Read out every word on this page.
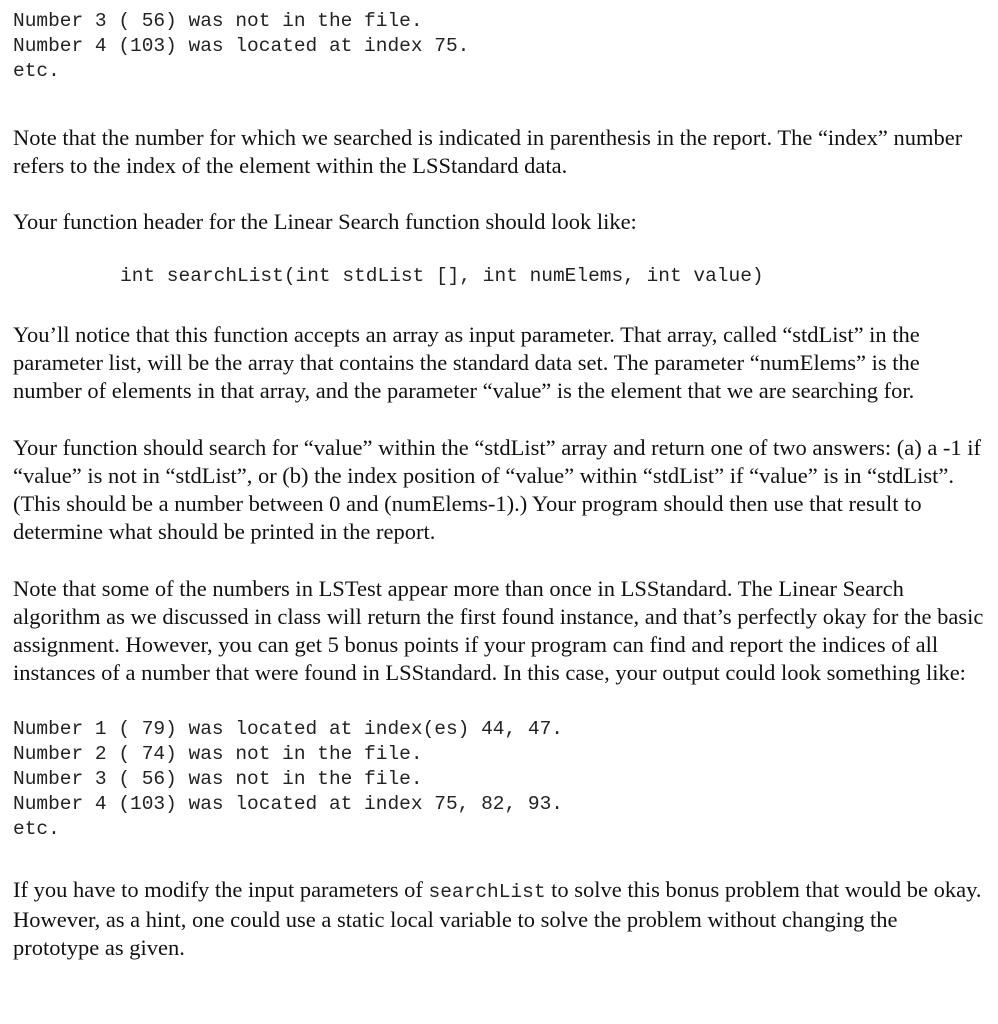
Number 3 ( 56) was not in the file.
Number 4 (103) was located at index 75.
etc.

Note that the number for which we searched is indicated in parenthesis in the report. The “index” number refers to the index of the element within the LSStandard data.

Your function header for the Linear Search function should look like:

int searchList(int stdList [], int numElems, int value)

You’ll notice that this function accepts an array as input parameter. That array, called “stdList” in the parameter list, will be the array that contains the standard data set. The parameter “numElems” is the number of elements in that array, and the parameter “value” is the element that we are searching for.

Your function should search for “value” within the “stdList” array and return one of two answers: (a) a -1 if “value” is not in “stdList”, or (b) the index position of “value” within “stdList” if “value” is in “stdList”. (This should be a number between 0 and (numElems-1).) Your program should then use that result to determine what should be printed in the report.

Note that some of the numbers in LSTest appear more than once in LSStandard. The Linear Search algorithm as we discussed in class will return the first found instance, and that’s perfectly okay for the basic assignment. However, you can get 5 bonus points if your program can find and report the indices of all instances of a number that were found in LSStandard. In this case, your output could look something like:

Number 1 ( 79) was located at index(es) 44, 47.
Number 2 ( 74) was not in the file.
Number 3 ( 56) was not in the file.
Number 4 (103) was located at index 75, 82, 93.
etc.

If you have to modify the input parameters of searchList to solve this bonus problem that would be okay. However, as a hint, one could use a static local variable to solve the problem without changing the prototype as given.
